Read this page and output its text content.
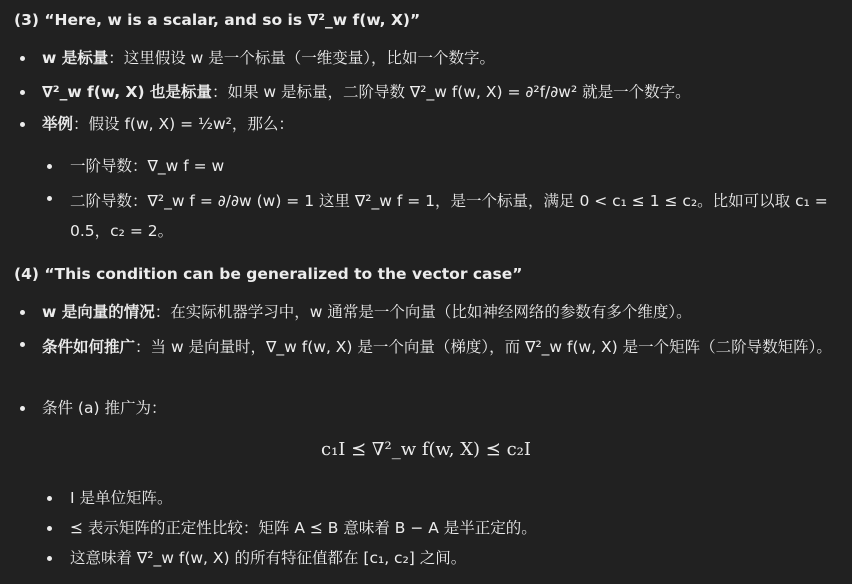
(3) “Here, w is a scalar, and so is ∇²_w f(w, X)”
w 是标量：这里假设 w 是一个标量（一维变量），比如一个数字。
∇²_w f(w, X) 也是标量：如果 w 是标量，二阶导数 ∇²_w f(w, X) = ∂²f/∂w² 就是一个数字。
举例：假设 f(w, X) = ½w²，那么：
一阶导数：∇_w f = w
二阶导数：∇²_w f = ∂/∂w (w) = 1 这里 ∇²_w f = 1，是一个标量，满足 0 < c₁ ≤ 1 ≤ c₂。比如可以取 c₁ = 0.5，c₂ = 2。
(4) “This condition can be generalized to the vector case”
w 是向量的情况：在实际机器学习中，w 通常是一个向量（比如神经网络的参数有多个维度）。
条件如何推广：当 w 是向量时，∇_w f(w, X) 是一个向量（梯度），而 ∇²_w f(w, X) 是一个矩阵（二阶导数矩阵）。
条件 (a) 推广为：
c₁I ⪯ ∇²_w f(w, X) ⪯ c₂I
I 是单位矩阵。
⪯ 表示矩阵的正定性比较：矩阵 A ⪯ B 意味着 B − A 是半正定的。
这意味着 ∇²_w f(w, X) 的所有特征值都在 [c₁, c₂] 之间。
